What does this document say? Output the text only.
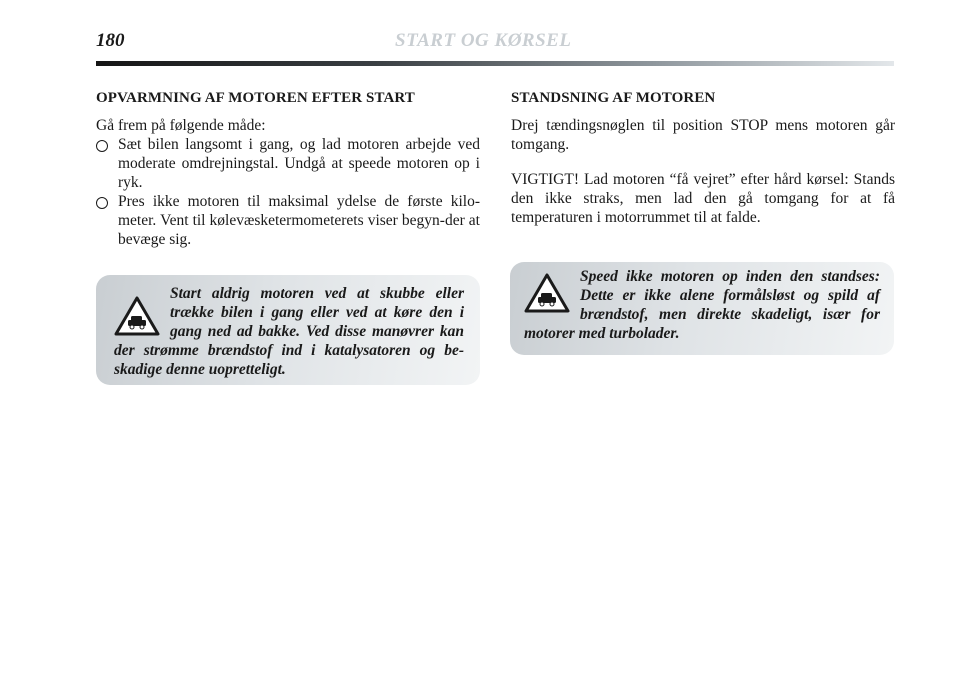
180	START OG KØRSEL
OPVARMNING AF MOTOREN EFTER START

Gå frem på følgende måde:

Sæt bilen langsomt i gang, og lad motoren arbejde ved moderate omdrejningstal. Undgå at speede motoren op i ryk.
Pres ikke motoren til maksimal ydelse de første kilo-meter. Vent til kølevæsketermometerets viser begyn-der at bevæge sig.
Start aldrig motoren ved at skubbe eller trække bilen i gang eller ved at køre den i gang ned ad bakke. Ved disse manøvrer kan der strømme brændstof ind i katalysatoren og be-skadige denne uopretteligt.
STANDSNING AF MOTOREN

Drej tændingsnøglen til position STOP mens motoren går tomgang.

VIGTIGT! Lad motoren “få vejret” efter hård kørsel: Stands den ikke straks, men lad den gå tomgang for at få temperaturen i motorrummet til at falde.

Speed ikke motoren op inden den standses: Dette er ikke alene formålsløst og spild af brændstof, men direkte skadeligt, især for motorer med turbolader.
